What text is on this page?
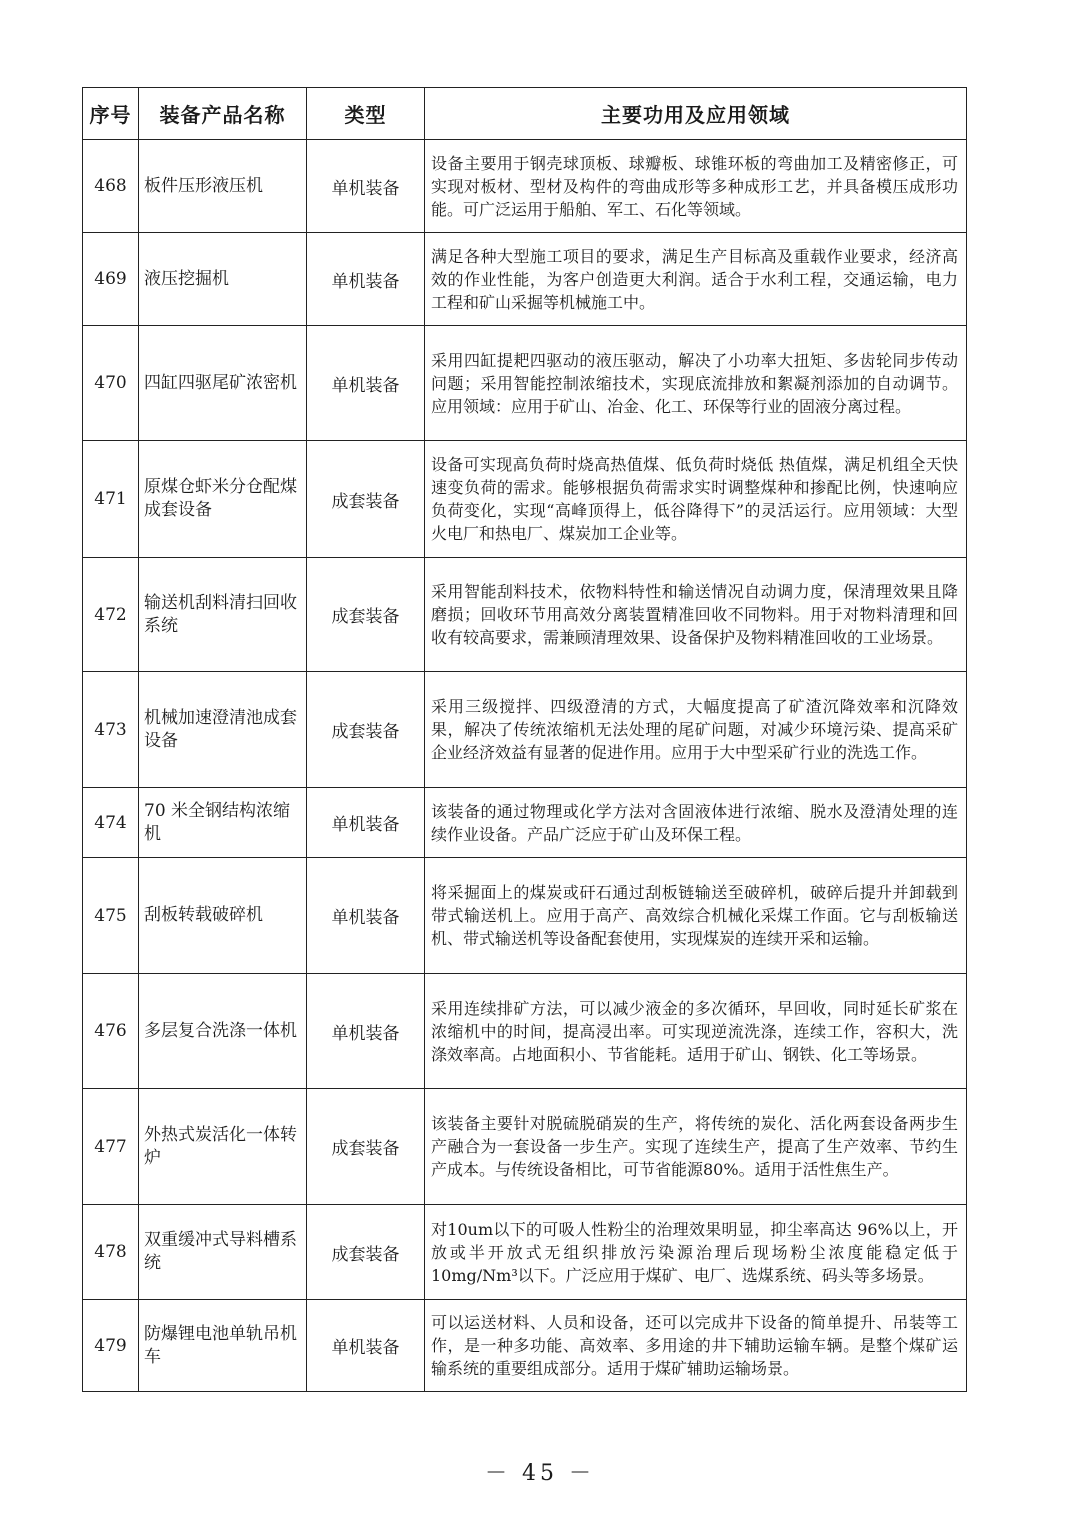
序号	装备产品名称	类型	主要功用及应用领域
468	板件压形液压机	单机装备	设备主要用于钢壳球顶板、球瓣板、球锥环板的弯曲加工及精密修正，可实现对板材、型材及构件的弯曲成形等多种成形工艺，并具备模压成形功能。可广泛运用于船舶、军工、石化等领域。
469	液压挖掘机	单机装备	满足各种大型施工项目的要求，满足生产目标高及重载作业要求，经济高效的作业性能，为客户创造更大利润。适合于水利工程，交通运输，电力工程和矿山采掘等机械施工中。
470	四缸四驱尾矿浓密机	单机装备	采用四缸提耙四驱动的液压驱动，解决了小功率大扭矩、多齿轮同步传动问题；采用智能控制浓缩技术，实现底流排放和絮凝剂添加的自动调节。应用领域：应用于矿山、冶金、化工、环保等行业的固液分离过程。
471	原煤仓虾米分仓配煤成套设备	成套装备	设备可实现高负荷时烧高热值煤、低负荷时烧低 热值煤，满足机组全天快速变负荷的需求。能够根据负荷需求实时调整煤种和掺配比例，快速响应负荷变化，实现“高峰顶得上，低谷降得下”的灵活运行。应用领域：大型火电厂和热电厂、煤炭加工企业等。
472	输送机刮料清扫回收系统	成套装备	采用智能刮料技术，依物料特性和输送情况自动调力度，保清理效果且降磨损；回收环节用高效分离装置精准回收不同物料。用于对物料清理和回收有较高要求，需兼顾清理效果、设备保护及物料精准回收的工业场景。
473	机械加速澄清池成套设备	成套装备	采用三级搅拌、四级澄清的方式，大幅度提高了矿渣沉降效率和沉降效果，解决了传统浓缩机无法处理的尾矿问题，对减少环境污染、提高采矿企业经济效益有显著的促进作用。应用于大中型采矿行业的洗选工作。
474	70 米全钢结构浓缩机	单机装备	该装备的通过物理或化学方法对含固液体进行浓缩、脱水及澄清处理的连续作业设备。产品广泛应于矿山及环保工程。
475	刮板转载破碎机	单机装备	将采掘面上的煤炭或矸石通过刮板链输送至破碎机，破碎后提升并卸载到带式输送机上。应用于高产、高效综合机械化采煤工作面。它与刮板输送机、带式输送机等设备配套使用，实现煤炭的连续开采和运输。
476	多层复合洗涤一体机	单机装备	采用连续排矿方法，可以减少液金的多次循环，早回收，同时延长矿浆在浓缩机中的时间，提高浸出率。可实现逆流洗涤，连续工作，容积大，洗涤效率高。占地面积小、节省能耗。适用于矿山、钢铁、化工等场景。
477	外热式炭活化一体转炉	成套装备	该装备主要针对脱硫脱硝炭的生产，将传统的炭化、活化两套设备两步生产融合为一套设备一步生产。实现了连续生产，提高了生产效率、节约生产成本。与传统设备相比，可节省能源80%。适用于活性焦生产。
478	双重缓冲式导料槽系统	成套装备	对10um以下的可吸人性粉尘的治理效果明显，抑尘率高达 96%以上，开放或半开放式无组织排放污染源治理后现场粉尘浓度能稳定低于10mg/Nm³以下。广泛应用于煤矿、电厂、选煤系统、码头等多场景。
479	防爆锂电池单轨吊机车	单机装备	可以运送材料、人员和设备，还可以完成井下设备的简单提升、吊装等工作，是一种多功能、高效率、多用途的井下辅助运输车辆。是整个煤矿运输系统的重要组成部分。适用于煤矿辅助运输场景。
－ 45 －
